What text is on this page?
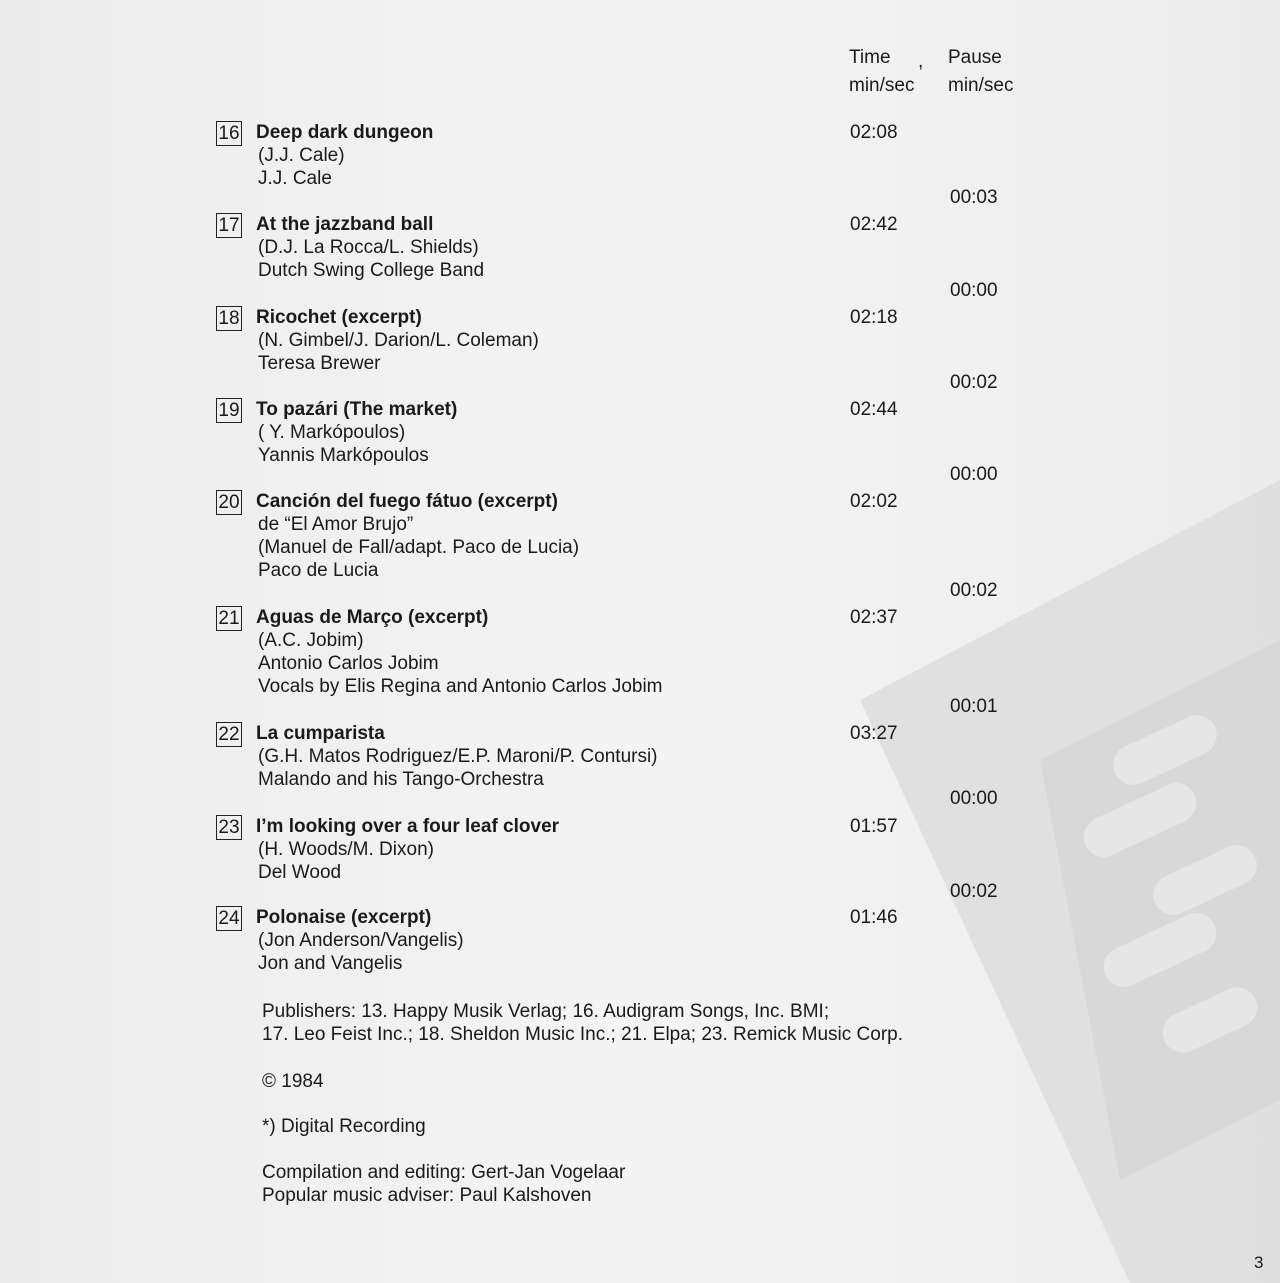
Time
min/sec
, Pause
min/sec
16 Deep dark dungeon
(J.J. Cale)
J.J. Cale
02:08
00:03
17 At the jazzband ball
(D.J. La Rocca/L. Shields)
Dutch Swing College Band
02:42
00:00
18 Ricochet (excerpt)
(N. Gimbel/J. Darion/L. Coleman)
Teresa Brewer
02:18
00:02
19 To pazári (The market)
( Y. Markópoulos)
Yannis Markópoulos
02:44
00:00
20 Canción del fuego fátuo (excerpt)
de “El Amor Brujo”
(Manuel de Fall/adapt. Paco de Lucia)
Paco de Lucia
02:02
00:02
21 Aguas de Março (excerpt)
(A.C. Jobim)
Antonio Carlos Jobim
Vocals by Elis Regina and Antonio Carlos Jobim
02:37
00:01
22 La cumparista
(G.H. Matos Rodriguez/E.P. Maroni/P. Contursi)
Malando and his Tango-Orchestra
03:27
00:00
23 I’m looking over a four leaf clover
(H. Woods/M. Dixon)
Del Wood
01:57
00:02
24 Polonaise (excerpt)
(Jon Anderson/Vangelis)
Jon and Vangelis
01:46
Publishers: 13. Happy Musik Verlag; 16. Audigram Songs, Inc. BMI;
17. Leo Feist Inc.; 18. Sheldon Music Inc.; 21. Elpa; 23. Remick Music Corp.
© 1984
*) Digital Recording
Compilation and editing: Gert-Jan Vogelaar
Popular music adviser: Paul Kalshoven
3
